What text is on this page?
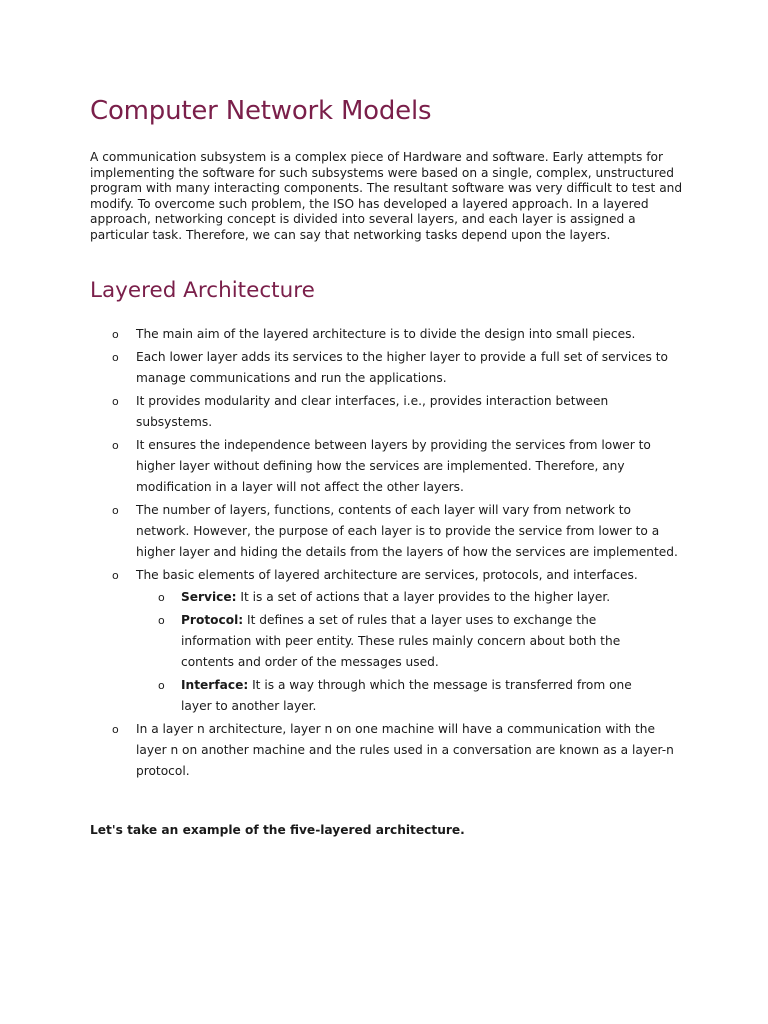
Computer Network Models

A communication subsystem is a complex piece of Hardware and software. Early attempts for implementing the software for such subsystems were based on a single, complex, unstructured program with many interacting components. The resultant software was very difficult to test and modify. To overcome such problem, the ISO has developed a layered approach. In a layered approach, networking concept is divided into several layers, and each layer is assigned a particular task. Therefore, we can say that networking tasks depend upon the layers.

Layered Architecture
o The main aim of the layered architecture is to divide the design into small pieces.
o Each lower layer adds its services to the higher layer to provide a full set of services to manage communications and run the applications.
o It provides modularity and clear interfaces, i.e., provides interaction between subsystems.
o It ensures the independence between layers by providing the services from lower to higher layer without defining how the services are implemented. Therefore, any modification in a layer will not affect the other layers.
o The number of layers, functions, contents of each layer will vary from network to network. However, the purpose of each layer is to provide the service from lower to a higher layer and hiding the details from the layers of how the services are implemented.
o The basic elements of layered architecture are services, protocols, and interfaces.
o Service: It is a set of actions that a layer provides to the higher layer.
o Protocol: It defines a set of rules that a layer uses to exchange the information with peer entity. These rules mainly concern about both the contents and order of the messages used.
o Interface: It is a way through which the message is transferred from one layer to another layer.
o In a layer n architecture, layer n on one machine will have a communication with the layer n on another machine and the rules used in a conversation are known as a layer-n protocol.

Let's take an example of the five-layered architecture.
